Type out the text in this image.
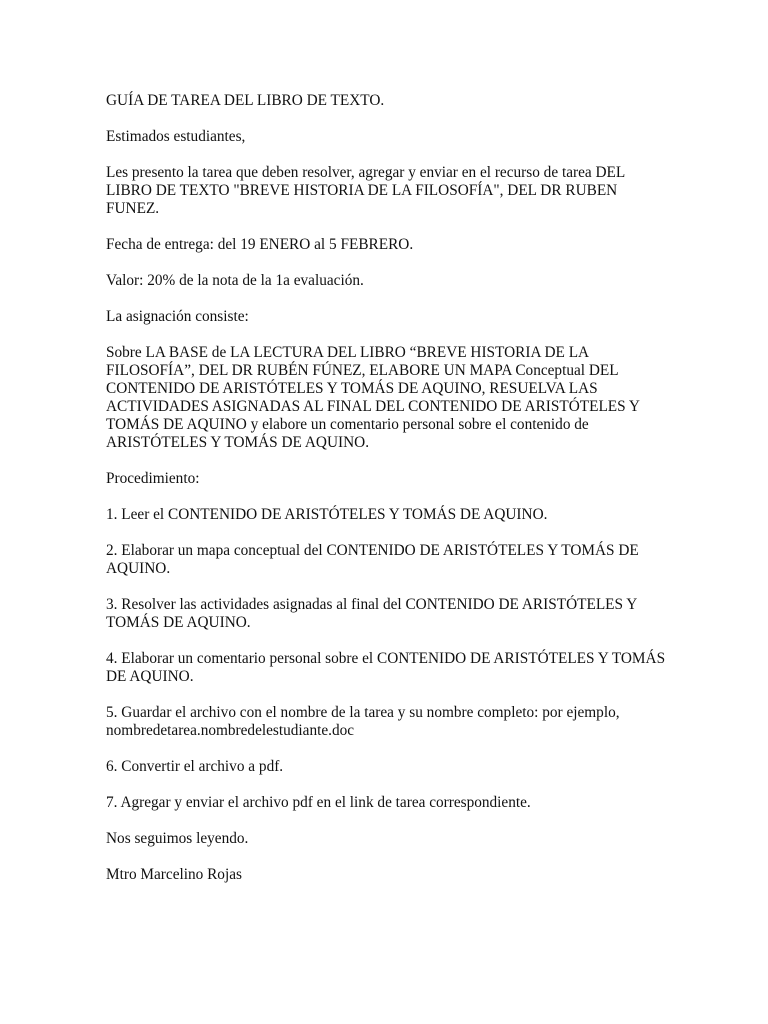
GUÍA DE TAREA DEL LIBRO DE TEXTO.

Estimados estudiantes,

Les presento la tarea que deben resolver, agregar y enviar en el recurso de tarea DEL LIBRO DE TEXTO "BREVE HISTORIA DE LA FILOSOFÍA", DEL DR RUBEN FUNEZ.

Fecha de entrega: del 19 ENERO al 5 FEBRERO.

Valor: 20% de la nota de la 1a evaluación.

La asignación consiste:

Sobre LA BASE de LA LECTURA DEL LIBRO “BREVE HISTORIA DE LA FILOSOFÍA”, DEL DR RUBÉN FÚNEZ, ELABORE UN MAPA Conceptual DEL CONTENIDO DE ARISTÓTELES Y TOMÁS DE AQUINO, RESUELVA LAS ACTIVIDADES ASIGNADAS AL FINAL DEL CONTENIDO DE ARISTÓTELES Y TOMÁS DE AQUINO y elabore un comentario personal sobre el contenido de ARISTÓTELES Y TOMÁS DE AQUINO.

Procedimiento:

1. Leer el CONTENIDO DE ARISTÓTELES Y TOMÁS DE AQUINO.

2. Elaborar un mapa conceptual del CONTENIDO DE ARISTÓTELES Y TOMÁS DE AQUINO.

3. Resolver las actividades asignadas al final del CONTENIDO DE ARISTÓTELES Y TOMÁS DE AQUINO.

4. Elaborar un comentario personal sobre el CONTENIDO DE ARISTÓTELES Y TOMÁS DE AQUINO.

5. Guardar el archivo con el nombre de la tarea y su nombre completo: por ejemplo, nombredetarea.nombredelestudiante.doc

6. Convertir el archivo a pdf.

7. Agregar y enviar el archivo pdf en el link de tarea correspondiente.

Nos seguimos leyendo.

Mtro Marcelino Rojas
